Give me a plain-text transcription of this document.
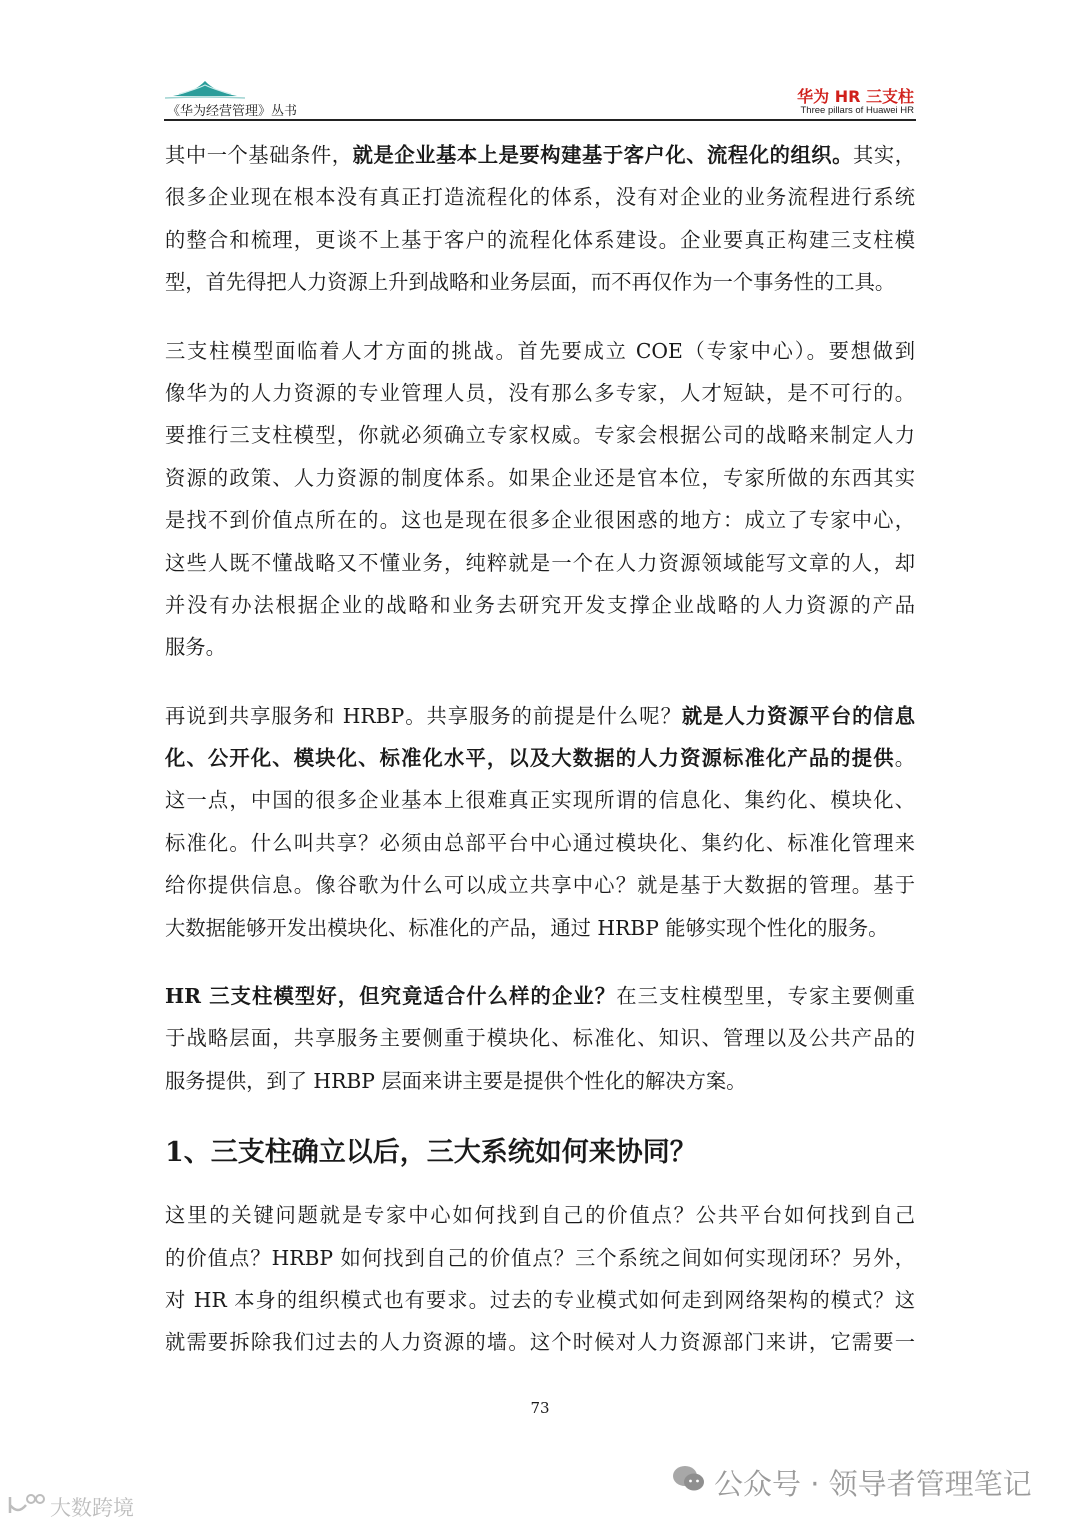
《华为经营管理》丛书
华为 HR 三支柱
Three pillars of Huawei HR
其中一个基础条件，就是企业基本上是要构建基于客户化、流程化的组织。其实，
很多企业现在根本没有真正打造流程化的体系，没有对企业的业务流程进行系统
的整合和梳理，更谈不上基于客户的流程化体系建设。企业要真正构建三支柱模
型，首先得把人力资源上升到战略和业务层面，而不再仅作为一个事务性的工具。
三支柱模型面临着人才方面的挑战。首先要成立 COE（专家中心）。要想做到
像华为的人力资源的专业管理人员，没有那么多专家，人才短缺，是不可行的。
要推行三支柱模型，你就必须确立专家权威。专家会根据公司的战略来制定人力
资源的政策、人力资源的制度体系。如果企业还是官本位，专家所做的东西其实
是找不到价值点所在的。这也是现在很多企业很困惑的地方：成立了专家中心，
这些人既不懂战略又不懂业务，纯粹就是一个在人力资源领域能写文章的人，却
并没有办法根据企业的战略和业务去研究开发支撑企业战略的人力资源的产品
服务。
再说到共享服务和 HRBP。共享服务的前提是什么呢？就是人力资源平台的信息
化、公开化、模块化、标准化水平，以及大数据的人力资源标准化产品的提供。
这一点，中国的很多企业基本上很难真正实现所谓的信息化、集约化、模块化、
标准化。什么叫共享？必须由总部平台中心通过模块化、集约化、标准化管理来
给你提供信息。像谷歌为什么可以成立共享中心？就是基于大数据的管理。基于
大数据能够开发出模块化、标准化的产品，通过 HRBP 能够实现个性化的服务。
HR 三支柱模型好，但究竟适合什么样的企业？在三支柱模型里，专家主要侧重
于战略层面，共享服务主要侧重于模块化、标准化、知识、管理以及公共产品的
服务提供，到了 HRBP 层面来讲主要是提供个性化的解决方案。
1、三支柱确立以后，三大系统如何来协同？
这里的关键问题就是专家中心如何找到自己的价值点？公共平台如何找到自己
的价值点？HRBP 如何找到自己的价值点？三个系统之间如何实现闭环？另外，
对 HR 本身的组织模式也有要求。过去的专业模式如何走到网络架构的模式？这
就需要拆除我们过去的人力资源的墙。这个时候对人力资源部门来讲，它需要一
73
公众号 · 领导者管理笔记
大数跨境
